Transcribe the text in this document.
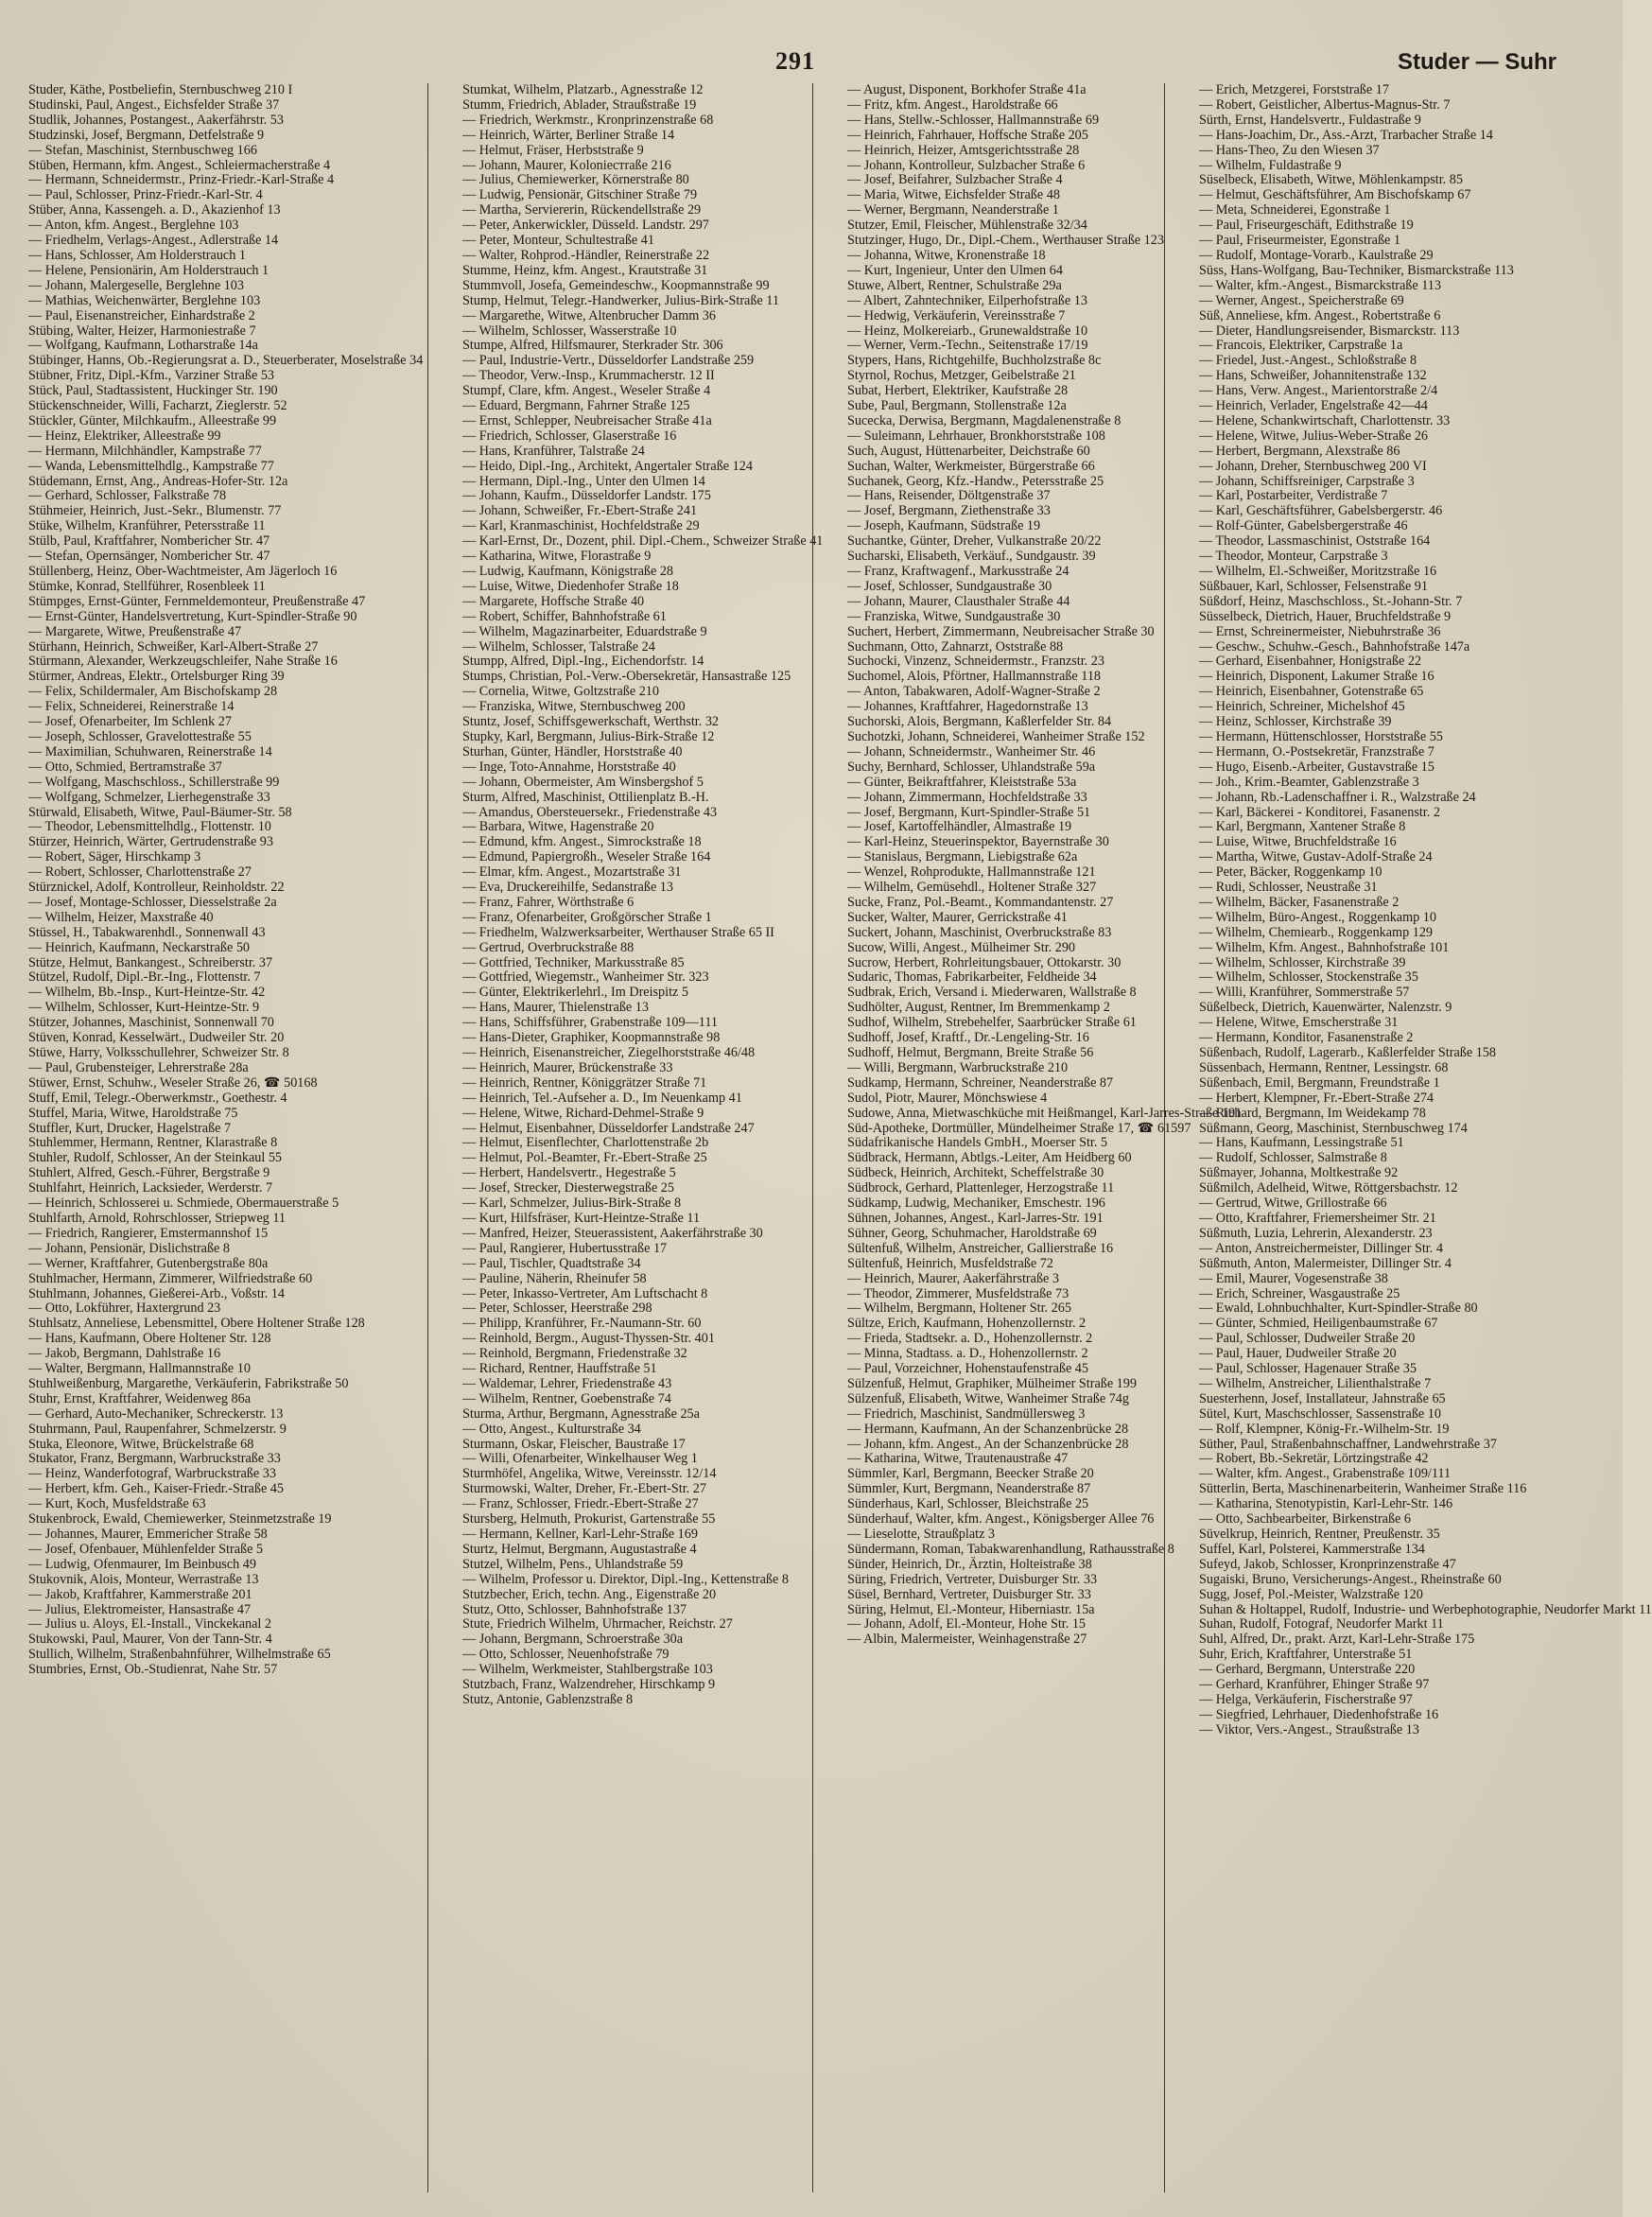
291	Studer — Suhr
Studer, Käthe, Postbeliefin, Sternbuschweg 210 I
Studinski, Paul, Angest., Eichsfelder Straße 37
Studlik, Johannes, Postangest., Aakerfährstr. 53
Studzinski, Josef, Bergmann, Detfelstraße 9
— Stefan, Maschinist, Sternbuschweg 166
Stüben, Hermann, kfm. Angest., Schleiermacherstraße 4
— Hermann, Schneidermstr., Prinz-Friedr.-Karl-Straße 4
— Paul, Schlosser, Prinz-Friedr.-Karl-Str. 4
Stüber, Anna, Kassengeh. a. D., Akazienhof 13
— Anton, kfm. Angest., Berglehne 103
— Friedhelm, Verlags-Angest., Adlerstraße 14
— Hans, Schlosser, Am Holderstrauch 1
— Helene, Pensionärin, Am Holderstrauch 1
— Johann, Malergeselle, Berglehne 103
— Mathias, Weichenwärter, Berglehne 103
— Paul, Eisenanstreicher, Einhardstraße 2
Stübing, Walter, Heizer, Harmoniestraße 7
— Wolfgang, Kaufmann, Lotharstraße 14a
Stübinger, Hanns, Ob.-Regierungsrat a. D., Steuerberater, Moselstraße 34
Stübner, Fritz, Dipl.-Kfm., Varziner Straße 53
Stück, Paul, Stadtassistent, Huckinger Str. 190
Stückenschneider, Willi, Facharzt, Zieglerstr. 52
Stückler, Günter, Milchkaufm., Alleestraße 99
— Heinz, Elektriker, Alleestraße 99
— Hermann, Milchhändler, Kampstraße 77
— Wanda, Lebensmittelhdlg., Kampstraße 77
Stüdemann, Ernst, Ang., Andreas-Hofer-Str. 12a
— Gerhard, Schlosser, Falkstraße 78
Stühmeier, Heinrich, Just.-Sekr., Blumenstr. 77
Stüke, Wilhelm, Kranführer, Petersstraße 11
Stülb, Paul, Kraftfahrer, Nombericher Str. 47
— Stefan, Opernsänger, Nombericher Str. 47
Stüllenberg, Heinz, Ober-Wachtmeister, Am Jägerloch 16
Stümke, Konrad, Stellführer, Rosenbleek 11
Stümpges, Ernst-Günter, Fernmeldemonteur, Preußenstraße 47
— Ernst-Günter, Handelsvertretung, Kurt-Spindler-Straße 90
— Margarete, Witwe, Preußenstraße 47
Stürhann, Heinrich, Schweißer, Karl-Albert-Straße 27
Stürmann, Alexander, Werkzeugschleifer, Nahe Straße 16
Stürmer, Andreas, Elektr., Ortelsburger Ring 39
— Felix, Schildermaler, Am Bischofskamp 28
— Felix, Schneiderei, Reinerstraße 14
— Josef, Ofenarbeiter, Im Schlenk 27
— Joseph, Schlosser, Gravelottestraße 55
— Maximilian, Schuhwaren, Reinerstraße 14
— Otto, Schmied, Bertramstraße 37
— Wolfgang, Maschschloss., Schillerstraße 99
— Wolfgang, Schmelzer, Lierhegenstraße 33
Stürwald, Elisabeth, Witwe, Paul-Bäumer-Str. 58
— Theodor, Lebensmittelhdlg., Flottenstr. 10
Stürzer, Heinrich, Wärter, Gertrudenstraße 93
— Robert, Säger, Hirschkamp 3
— Robert, Schlosser, Charlottenstraße 27
Stürznickel, Adolf, Kontrolleur, Reinholdstr. 22
— Josef, Montage-Schlosser, Diesselstraße 2a
— Wilhelm, Heizer, Maxstraße 40
Stüssel, H., Tabakwarenhdl., Sonnenwall 43
— Heinrich, Kaufmann, Neckarstraße 50
Stütze, Helmut, Bankangest., Schreiberstr. 37
Stützel, Rudolf, Dipl.-Br.-Ing., Flottenstr. 7
— Wilhelm, Bb.-Insp., Kurt-Heintze-Str. 42
— Wilhelm, Schlosser, Kurt-Heintze-Str. 9
Stützer, Johannes, Maschinist, Sonnenwall 70
Stüven, Konrad, Kesselwärt., Dudweiler Str. 20
Stüwe, Harry, Volksschullehrer, Schweizer Str. 8
— Paul, Grubensteiger, Lehrerstraße 28a
Stüwer, Ernst, Schuhw., Weseler Straße 26, ☎ 50168
Stuff, Emil, Telegr.-Oberwerkmstr., Goethestr. 4
Stuffel, Maria, Witwe, Haroldstraße 75
Stuffler, Kurt, Drucker, Hagelstraße 7
Stuhlemmer, Hermann, Rentner, Klarastraße 8
Stuhler, Rudolf, Schlosser, An der Steinkaul 55
Stuhlert, Alfred, Gesch.-Führer, Bergstraße 9
Stuhlfahrt, Heinrich, Lacksieder, Werderstr. 7
— Heinrich, Schlosserei u. Schmiede, Obermauerstraße 5
Stuhlfarth, Arnold, Rohrschlosser, Striepweg 11
— Friedrich, Rangierer, Emstermannshof 15
— Johann, Pensionär, Dislichstraße 8
— Werner, Kraftfahrer, Gutenbergstraße 80a
Stuhlmacher, Hermann, Zimmerer, Wilfriedstraße 60
Stuhlmann, Johannes, Gießerei-Arb., Voßstr. 14
— Otto, Lokführer, Haxtergrund 23
Stuhlsatz, Anneliese, Lebensmittel, Obere Holtener Straße 128
— Hans, Kaufmann, Obere Holtener Str. 128
— Jakob, Bergmann, Dahlstraße 16
— Walter, Bergmann, Hallmannstraße 10
Stuhlweißenburg, Margarethe, Verkäuferin, Fabrikstraße 50
Stuhr, Ernst, Kraftfahrer, Weidenweg 86a
— Gerhard, Auto-Mechaniker, Schreckerstr. 13
Stuhrmann, Paul, Raupenfahrer, Schmelzerstr. 9
Stuka, Eleonore, Witwe, Brückelstraße 68
Stukator, Franz, Bergmann, Warbruckstraße 33
— Heinz, Wanderfotograf, Warbruckstraße 33
— Herbert, kfm. Geh., Kaiser-Friedr.-Straße 45
— Kurt, Koch, Musfeldstraße 63
Stukenbrock, Ewald, Chemiewerker, Steinmetzstraße 19
— Johannes, Maurer, Emmericher Straße 58
— Josef, Ofenbauer, Mühlenfelder Straße 5
— Ludwig, Ofenmaurer, Im Beinbusch 49
Stukovnik, Alois, Monteur, Werrastraße 13
— Jakob, Kraftfahrer, Kammerstraße 201
— Julius, Elektromeister, Hansastraße 47
— Julius u. Aloys, El.-Install., Vinckekanal 2
Stukowski, Paul, Maurer, Von der Tann-Str. 4
Stullich, Wilhelm, Straßenbahnführer, Wilhelmstraße 65
Stumbries, Ernst, Ob.-Studienrat, Nahe Str. 57
Stumkat, Wilhelm, Platzarb., Agnesstraße 12
Stumm, Friedrich, Ablader, Straußstraße 19
— Friedrich, Werkmstr., Kronprinzenstraße 68
— Heinrich, Wärter, Berliner Straße 14
— Helmut, Fräser, Herbststraße 9
— Johann, Maurer, Kolonieстraße 216
— Julius, Chemiewerker, Körnerstraße 80
— Ludwig, Pensionär, Gitschiner Straße 79
— Martha, Serviererin, Rückendellstraße 29
— Peter, Ankerwickler, Düsseld. Landstr. 297
— Peter, Monteur, Schultestraße 41
— Walter, Rohprod.-Händler, Reinerstraße 22
Stumme, Heinz, kfm. Angest., Krautstraße 31
Stummvoll, Josefa, Gemeindeschw., Koopmannstraße 99
Stump, Helmut, Telegr.-Handwerker, Julius-Birk-Straße 11
— Margarethe, Witwe, Altenbrucher Damm 36
— Wilhelm, Schlosser, Wasserstraße 10
Stumpe, Alfred, Hilfsmaurer, Sterkrader Str. 306
— Paul, Industrie-Vertr., Düsseldorfer Landstraße 259
— Theodor, Verw.-Insp., Krummacherstr. 12 II
Stumpf, Clare, kfm. Angest., Weseler Straße 4
— Eduard, Bergmann, Fahrner Straße 125
— Ernst, Schlepper, Neubreisacher Straße 41a
— Friedrich, Schlosser, Glaserstraße 16
— Hans, Kranführer, Talstraße 24
— Heido, Dipl.-Ing., Architekt, Angertaler Straße 124
— Hermann, Dipl.-Ing., Unter den Ulmen 14
— Johann, Kaufm., Düsseldorfer Landstr. 175
— Johann, Schweißer, Fr.-Ebert-Straße 241
— Karl, Kranmaschinist, Hochfeldstraße 29
— Karl-Ernst, Dr., Dozent, phil. Dipl.-Chem., Schweizer Straße 41
— Katharina, Witwe, Florastraße 9
— Ludwig, Kaufmann, Königstraße 28
— Luise, Witwe, Diedenhofer Straße 18
— Margarete, Hoffsche Straße 40
— Robert, Schiffer, Bahnhofstraße 61
— Wilhelm, Magazinarbeiter, Eduardstraße 9
— Wilhelm, Schlosser, Talstraße 24
Stumpp, Alfred, Dipl.-Ing., Eichendorfstr. 14
Stumps, Christian, Pol.-Verw.-Obersekretär, Hansastraße 125
— Cornelia, Witwe, Goltzstraße 210
— Franziska, Witwe, Sternbuschweg 200
Stuntz, Josef, Schiffsgewerkschaft, Werthstr. 32
Stupky, Karl, Bergmann, Julius-Birk-Straße 12
Sturhan, Günter, Händler, Horststraße 40
— Inge, Toto-Annahme, Horststraße 40
— Johann, Obermeister, Am Winsbergshof 5
Sturm, Alfred, Maschinist, Ottilienplatz B.-H.
— Amandus, Obersteuersekr., Friedenstraße 43
— Barbara, Witwe, Hagenstraße 20
— Edmund, kfm. Angest., Simrockstraße 18
— Edmund, Papiergroßh., Weseler Straße 164
— Elmar, kfm. Angest., Mozartstraße 31
— Eva, Druckereihilfe, Sedanstraße 13
— Franz, Fahrer, Wörthstraße 6
— Franz, Ofenarbeiter, Großgörscher Straße 1
— Friedhelm, Walzwerksarbeiter, Werthauser Straße 65 II
— Gertrud, Overbruckstraße 88
— Gottfried, Techniker, Markusstraße 85
— Gottfried, Wiegemstr., Wanheimer Str. 323
— Günter, Elektrikerlehrl., Im Dreispitz 5
— Hans, Maurer, Thielenstraße 13
— Hans, Schiffsführer, Grabenstraße 109—111
— Hans-Dieter, Graphiker, Koopmannstraße 98
— Heinrich, Eisenanstreicher, Ziegelhorststraße 46/48
— Heinrich, Maurer, Brückenstraße 33
— Heinrich, Rentner, Königgrätzer Straße 71
— Heinrich, Tel.-Aufseher a. D., Im Neuenkamp 41
— Helene, Witwe, Richard-Dehmel-Straße 9
— Helmut, Eisenbahner, Düsseldorfer Landstraße 247
— Helmut, Eisenflechter, Charlottenstraße 2b
— Helmut, Pol.-Beamter, Fr.-Ebert-Straße 25
— Herbert, Handelsvertr., Hegestraße 5
— Josef, Strecker, Diesterwegstraße 25
— Karl, Schmelzer, Julius-Birk-Straße 8
— Kurt, Hilfsfräser, Kurt-Heintze-Straße 11
— Manfred, Heizer, Steuerassistent, Aakerfährstraße 30
— Paul, Rangierer, Hubertusstraße 17
— Paul, Tischler, Quadtstraße 34
— Pauline, Näherin, Rheinufer 58
— Peter, Inkasso-Vertreter, Am Luftschacht 8
— Peter, Schlosser, Heerstraße 298
— Philipp, Kranführer, Fr.-Naumann-Str. 60
— Reinhold, Bergm., August-Thyssen-Str. 401
— Reinhold, Bergmann, Friedenstraße 32
— Richard, Rentner, Hauffstraße 51
— Waldemar, Lehrer, Friedenstraße 43
— Wilhelm, Rentner, Goebenstraße 74
Sturma, Arthur, Bergmann, Agnesstraße 25a
— Otto, Angest., Kulturstraße 34
Sturmann, Oskar, Fleischer, Baustraße 17
— Willi, Ofenarbeiter, Winkelhauser Weg 1
Sturmhöfel, Angelika, Witwe, Vereinsstr. 12/14
Sturmowski, Walter, Dreher, Fr.-Ebert-Str. 27
— Franz, Schlosser, Friedr.-Ebert-Straße 27
Stursberg, Helmuth, Prokurist, Gartenstraße 55
— Hermann, Kellner, Karl-Lehr-Straße 169
Sturtz, Helmut, Bergmann, Augustastraße 4
Stutzel, Wilhelm, Pens., Uhlandstraße 59
— Wilhelm, Professor u. Direktor, Dipl.-Ing., Kettenstraße 8
Stutzbecher, Erich, techn. Ang., Eigenstraße 20
Stutz, Otto, Schlosser, Bahnhofstraße 137
Stute, Friedrich Wilhelm, Uhrmacher, Reichstr. 27
— Johann, Bergmann, Schroerstraße 30a
— Otto, Schlosser, Neuenhofstraße 79
— Wilhelm, Werkmeister, Stahlbergstraße 103
Stutzbach, Franz, Walzendreher, Hirschkamp 9
Stutz, Antonie, Gablenzstraße 8
— August, Disponent, Borkhofer Straße 41a
— Fritz, kfm. Angest., Haroldstraße 66
— Hans, Stellw.-Schlosser, Hallmannstraße 69
— Heinrich, Fahrhauer, Hoffsche Straße 205
— Heinrich, Heizer, Amtsgerichtsstraße 28
— Johann, Kontrolleur, Sulzbacher Straße 6
— Josef, Beifahrer, Sulzbacher Straße 4
— Maria, Witwe, Eichsfelder Straße 48
— Werner, Bergmann, Neanderstraße 1
Stutzer, Emil, Fleischer, Mühlenstraße 32/34
Stutzinger, Hugo, Dr., Dipl.-Chem., Werthauser Straße 123
— Johanna, Witwe, Kronenstraße 18
— Kurt, Ingenieur, Unter den Ulmen 64
Stuwe, Albert, Rentner, Schulstraße 29a
— Albert, Zahntechniker, Eilperhofstraße 13
— Hedwig, Verkäuferin, Vereinsstraße 7
— Heinz, Molkereiarb., Grunewaldstraße 10
— Werner, Verm.-Techn., Seitenstraße 17/19
Stypers, Hans, Richtgehilfe, Buchholzstraße 8c
Styrnol, Rochus, Metzger, Geibelstraße 21
Subat, Herbert, Elektriker, Kaufstraße 28
Sube, Paul, Bergmann, Stollenstraße 12a
Sucecka, Derwisa, Bergmann, Magdalenenstraße 8
— Suleimann, Lehrhauer, Bronkhorststraße 108
Such, August, Hüttenarbeiter, Deichstraße 60
Suchan, Walter, Werkmeister, Bürgerstraße 66
Suchanek, Georg, Kfz.-Handw., Petersstraße 25
— Hans, Reisender, Döltgenstraße 37
— Josef, Bergmann, Ziethenstraße 33
— Joseph, Kaufmann, Südstraße 19
Suchantke, Günter, Dreher, Vulkanstraße 20/22
Sucharski, Elisabeth, Verkäuf., Sundgaustr. 39
— Franz, Kraftwagenf., Markusstraße 24
— Josef, Schlosser, Sundgaustraße 30
— Johann, Maurer, Clausthaler Straße 44
— Franziska, Witwe, Sundgaustraße 30
Suchert, Herbert, Zimmermann, Neubreisacher Straße 30
Suchmann, Otto, Zahnarzt, Oststraße 88
Suchocki, Vinzenz, Schneidermstr., Franzstr. 23
Suchomel, Alois, Pförtner, Hallmannstraße 118
— Anton, Tabakwaren, Adolf-Wagner-Straße 2
— Johannes, Kraftfahrer, Hagedornstraße 13
Suchorski, Alois, Bergmann, Kaßlerfelder Str. 84
Suchotzki, Johann, Schneiderei, Wanheimer Straße 152
— Johann, Schneidermstr., Wanheimer Str. 46
Suchy, Bernhard, Schlosser, Uhlandstraße 59a
— Günter, Beikraftfahrer, Kleiststraße 53a
— Johann, Zimmermann, Hochfeldstraße 33
— Josef, Bergmann, Kurt-Spindler-Straße 51
— Josef, Kartoffelhändler, Almastraße 19
— Karl-Heinz, Steuerinspektor, Bayernstraße 30
— Stanislaus, Bergmann, Liebigstraße 62a
— Wenzel, Rohprodukte, Hallmannstraße 121
— Wilhelm, Gemüsehdl., Holtener Straße 327
Sucke, Franz, Pol.-Beamt., Kommandantenstr. 27
Sucker, Walter, Maurer, Gerrickstraße 41
Suckert, Johann, Maschinist, Overbruckstraße 83
Sucow, Willi, Angest., Mülheimer Str. 290
Sucrow, Herbert, Rohrleitungsbauer, Ottokarstr. 30
Sudaric, Thomas, Fabrikarbeiter, Feldheide 34
Sudbrak, Erich, Versand i. Miederwaren, Wallstraße 8
Sudhölter, August, Rentner, Im Bremmenkamp 2
Sudhof, Wilhelm, Strebehelfer, Saarbrücker Straße 61
Sudhoff, Josef, Kraftf., Dr.-Lengeling-Str. 16
Sudhoff, Helmut, Bergmann, Breite Straße 56
— Willi, Bergmann, Warbruckstraße 210
Sudkamp, Hermann, Schreiner, Neanderstraße 87
Sudol, Piotr, Maurer, Mönchswiese 4
Sudowe, Anna, Mietwaschküche mit Heißmangel, Karl-Jarres-Straße 191
Süd-Apotheke, Dortmüller, Mündelheimer Straße 17, ☎ 61597
Südafrikanische Handels GmbH., Moerser Str. 5
Südbrack, Hermann, Abtlgs.-Leiter, Am Heidberg 60
Südbeck, Heinrich, Architekt, Scheffelstraße 30
Südbrock, Gerhard, Plattenleger, Herzogstraße 11
Südkamp, Ludwig, Mechaniker, Emschestr. 196
Sühnen, Johannes, Angest., Karl-Jarres-Str. 191
Sühner, Georg, Schuhmacher, Haroldstraße 69
Sültenfuß, Wilhelm, Anstreicher, Gallierstraße 16
Sültenfuß, Heinrich, Musfeldstraße 72
— Heinrich, Maurer, Aakerfährstraße 3
— Theodor, Zimmerer, Musfeldstraße 73
— Wilhelm, Bergmann, Holtener Str. 265
Sültze, Erich, Kaufmann, Hohenzollernstr. 2
— Frieda, Stadtsekr. a. D., Hohenzollernstr. 2
— Minna, Stadtass. a. D., Hohenzollernstr. 2
— Paul, Vorzeichner, Hohenstaufenstraße 45
Sülzenfuß, Helmut, Graphiker, Mülheimer Straße 199
Sülzenfuß, Elisabeth, Witwe, Wanheimer Straße 74g
— Friedrich, Maschinist, Sandmüllersweg 3
— Hermann, Kaufmann, An der Schanzenbrücke 28
— Johann, kfm. Angest., An der Schanzenbrücke 28
— Katharina, Witwe, Trautenaustraße 47
Sümmler, Karl, Bergmann, Beecker Straße 20
Sümmler, Kurt, Bergmann, Neanderstraße 87
Sünderhaus, Karl, Schlosser, Bleichstraße 25
Sünderhauf, Walter, kfm. Angest., Königsberger Allee 76
— Lieselotte, Straußplatz 3
Sündermann, Roman, Tabakwarenhandlung, Rathausstraße 8
Sünder, Heinrich, Dr., Ärztin, Holteistraße 38
Süring, Friedrich, Vertreter, Duisburger Str. 33
Süsel, Bernhard, Vertreter, Duisburger Str. 33
Süring, Helmut, El.-Monteur, Hiberniastr. 15a
— Johann, Adolf, El.-Monteur, Hohe Str. 15
— Albin, Malermeister, Weinhagenstraße 27
— Erich, Metzgerei, Forststraße 17
— Robert, Geistlicher, Albertus-Magnus-Str. 7
Sürth, Ernst, Handelsvertr., Fuldastraße 9
— Hans-Joachim, Dr., Ass.-Arzt, Trarbacher Straße 14
— Hans-Theo, Zu den Wiesen 37
— Wilhelm, Fuldastraße 9
Süselbeck, Elisabeth, Witwe, Möhlenkampstr. 85
— Helmut, Geschäftsführer, Am Bischofskamp 67
— Meta, Schneiderei, Egonstraße 1
— Paul, Friseurgeschäft, Edithstraße 19
— Paul, Friseurmeister, Egonstraße 1
— Rudolf, Montage-Vorarb., Kaulstraße 29
Süss, Hans-Wolfgang, Bau-Techniker, Bismarckstraße 113
— Walter, kfm.-Angest., Bismarckstraße 113
— Werner, Angest., Speicherstraße 69
Süß, Anneliese, kfm. Angest., Robertstraße 6
— Dieter, Handlungsreisender, Bismarckstr. 113
— Francois, Elektriker, Carpstraße 1a
— Friedel, Just.-Angest., Schloßstraße 8
— Hans, Schweißer, Johannitenstraße 132
— Hans, Verw. Angest., Marientorstraße 2/4
— Heinrich, Verlader, Engelstraße 42—44
— Helene, Schankwirtschaft, Charlottenstr. 33
— Helene, Witwe, Julius-Weber-Straße 26
— Herbert, Bergmann, Alexstraße 86
— Johann, Dreher, Sternbuschweg 200 VI
— Johann, Schiffsreiniger, Carpstraße 3
— Karl, Postarbeiter, Verdistraße 7
— Karl, Geschäftsführer, Gabelsbergerstr. 46
— Rolf-Günter, Gabelsbergerstraße 46
— Theodor, Lassmaschinist, Oststraße 164
— Theodor, Monteur, Carpstraße 3
— Wilhelm, El.-Schweißer, Moritzstraße 16
Süßbauer, Karl, Schlosser, Felsenstraße 91
Süßdorf, Heinz, Maschschloss., St.-Johann-Str. 7
Süsselbeck, Dietrich, Hauer, Bruchfeldstraße 9
— Ernst, Schreinermeister, Niebuhrstraße 36
— Geschw., Schuhw.-Gesch., Bahnhofstraße 147a
— Gerhard, Eisenbahner, Honigstraße 22
— Heinrich, Disponent, Lakumer Straße 16
— Heinrich, Eisenbahner, Gotenstraße 65
— Heinrich, Schreiner, Michelshof 45
— Heinz, Schlosser, Kirchstraße 39
— Hermann, Hüttenschlosser, Horststraße 55
— Hermann, O.-Postsekretär, Franzstraße 7
— Hugo, Eisenb.-Arbeiter, Gustavstraße 15
— Joh., Krim.-Beamter, Gablenzstraße 3
— Johann, Rb.-Ladenschaffner i. R., Walzstraße 24
— Karl, Bäckerei - Konditorei, Fasanenstr. 2
— Karl, Bergmann, Xantener Straße 8
— Luise, Witwe, Bruchfeldstraße 16
— Martha, Witwe, Gustav-Adolf-Straße 24
— Peter, Bäcker, Roggenkamp 10
— Rudi, Schlosser, Neustraße 31
— Wilhelm, Bäcker, Fasanenstraße 2
— Wilhelm, Büro-Angest., Roggenkamp 10
— Wilhelm, Chemiearb., Roggenkamp 129
— Wilhelm, Kfm. Angest., Bahnhofstraße 101
— Wilhelm, Schlosser, Kirchstraße 39
— Wilhelm, Schlosser, Stockenstraße 35
— Willi, Kranführer, Sommerstraße 57
Süßelbeck, Dietrich, Kauenwärter, Nalenzstr. 9
— Helene, Witwe, Emscherstraße 31
— Hermann, Konditor, Fasanenstraße 2
Süßenbach, Rudolf, Lagerarb., Kaßlerfelder Straße 158
Süssenbach, Hermann, Rentner, Lessingstr. 68
Süßenbach, Emil, Bergmann, Freundstraße 1
— Herbert, Klempner, Fr.-Ebert-Straße 274
— Richard, Bergmann, Im Weidekamp 78
Süßmann, Georg, Maschinist, Sternbuschweg 174
— Hans, Kaufmann, Lessingstraße 51
— Rudolf, Schlosser, Salmstraße 8
Süßmayer, Johanna, Moltkestraße 92
Süßmilch, Adelheid, Witwe, Röttgersbachstr. 12
— Gertrud, Witwe, Grillostraße 66
— Otto, Kraftfahrer, Friemersheimer Str. 21
Süßmuth, Luzia, Lehrerin, Alexanderstr. 23
— Anton, Anstreichermeister, Dillinger Str. 4
Süßmuth, Anton, Malermeister, Dillinger Str. 4
— Emil, Maurer, Vogesenstraße 38
— Erich, Schreiner, Wasgaustraße 25
— Ewald, Lohnbuchhalter, Kurt-Spindler-Straße 80
— Günter, Schmied, Heiligenbaumstraße 67
— Paul, Schlosser, Dudweiler Straße 20
— Paul, Hauer, Dudweiler Straße 20
— Paul, Schlosser, Hagenauer Straße 35
— Wilhelm, Anstreicher, Lilienthalstraße 7
Suesterhenn, Josef, Installateur, Jahnstraße 65
Sütel, Kurt, Maschschlosser, Sassenstraße 10
— Rolf, Klempner, König-Fr.-Wilhelm-Str. 19
Süther, Paul, Straßenbahnschaffner, Landwehrstraße 37
— Robert, Bb.-Sekretär, Lörtzingstraße 42
— Walter, kfm. Angest., Grabenstraße 109/111
Sütterlin, Berta, Maschinenarbeiterin, Wanheimer Straße 116
— Katharina, Stenotypistin, Karl-Lehr-Str. 146
— Otto, Sachbearbeiter, Birkenstraße 6
Süvelkrup, Heinrich, Rentner, Preußenstr. 35
Suffel, Karl, Polsterei, Kammerstraße 134
Sufeyd, Jakob, Schlosser, Kronprinzenstraße 47
Sugaiski, Bruno, Versicherungs-Angest., Rheinstraße 60
Sugg, Josef, Pol.-Meister, Walzstraße 120
Suhan & Holtappel, Rudolf, Industrie- und Werbephotographie, Neudorfer Markt 11
Suhan, Rudolf, Fotograf, Neudorfer Markt 11
Suhl, Alfred, Dr., prakt. Arzt, Karl-Lehr-Straße 175
Suhr, Erich, Kraftfahrer, Unterstraße 51
— Gerhard, Bergmann, Unterstraße 220
— Gerhard, Kranführer, Ehinger Straße 97
— Helga, Verkäuferin, Fischerstraße 97
— Siegfried, Lehrhauer, Diedenhofstraße 16
— Viktor, Vers.-Angest., Straußstraße 13
